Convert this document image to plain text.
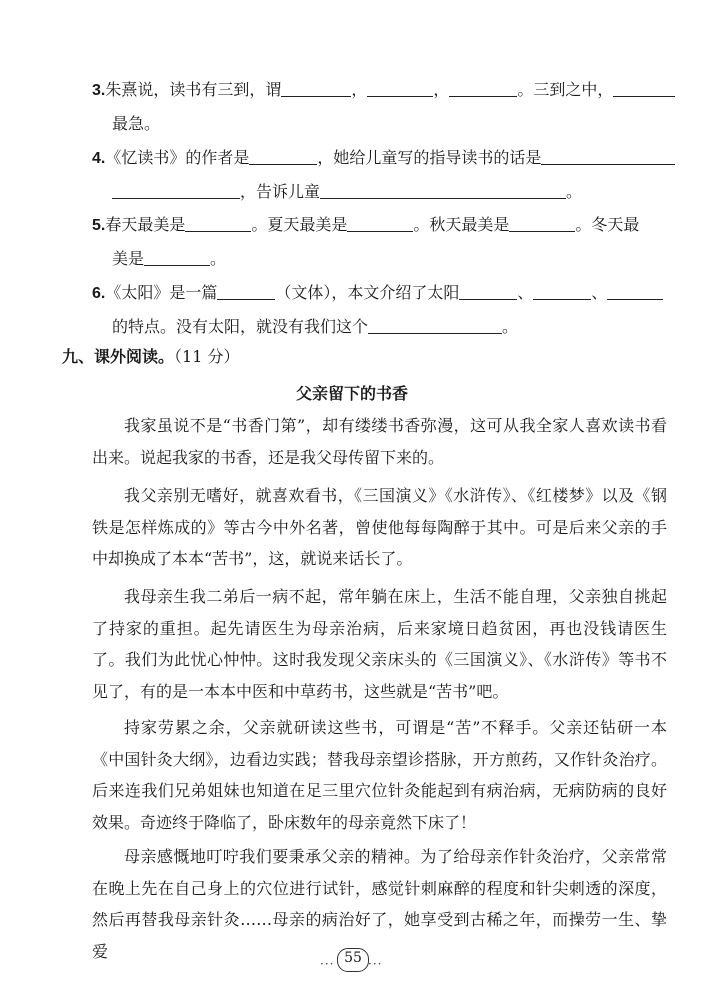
3.朱熹说，读书有三到，谓	，	，	。三到之中，
最急。
4.《忆读书》的作者是	，她给儿童写的指导读书的话是
，告诉儿童	。
5.春天最美是	。夏天最美是	。秋天最美是	。冬天最
美是	。
6.《太阳》是一篇	（文体），本文介绍了太阳	、	、
的特点。没有太阳，就没有我们这个	。
九、课外阅读。（11 分）
父亲留下的书香
我家虽说不是“书香门第”，却有缕缕书香弥漫，这可从我全家人喜欢读书看出来。说起我家的书香，还是我父母传留下来的。
我父亲别无嗜好，就喜欢看书，《三国演义》《水浒传》、《红楼梦》以及《钢铁是怎样炼成的》等古今中外名著，曾使他每每陶醉于其中。可是后来父亲的手中却换成了本本“苦书”，这，就说来话长了。
我母亲生我二弟后一病不起，常年躺在床上，生活不能自理，父亲独自挑起了持家的重担。起先请医生为母亲治病，后来家境日趋贫困，再也没钱请医生了。我们为此忧心忡忡。这时我发现父亲床头的《三国演义》、《水浒传》等书不见了，有的是一本本中医和中草药书，这些就是“苦书”吧。
持家劳累之余，父亲就研读这些书，可谓是“苦”不释手。父亲还钻研一本《中国针灸大纲》，边看边实践；替我母亲望诊搭脉，开方煎药，又作针灸治疗。后来连我们兄弟姐妹也知道在足三里穴位针灸能起到有病治病，无病防病的良好效果。奇迹终于降临了，卧床数年的母亲竟然下床了！
母亲感慨地叮咛我们要秉承父亲的精神。为了给母亲作针灸治疗，父亲常常在晚上先在自己身上的穴位进行试针，感觉针刺麻醉的程度和针尖刺透的深度，然后再替我母亲针灸……母亲的病治好了，她享受到古稀之年，而操劳一生、挚爱
··· 55 ···
